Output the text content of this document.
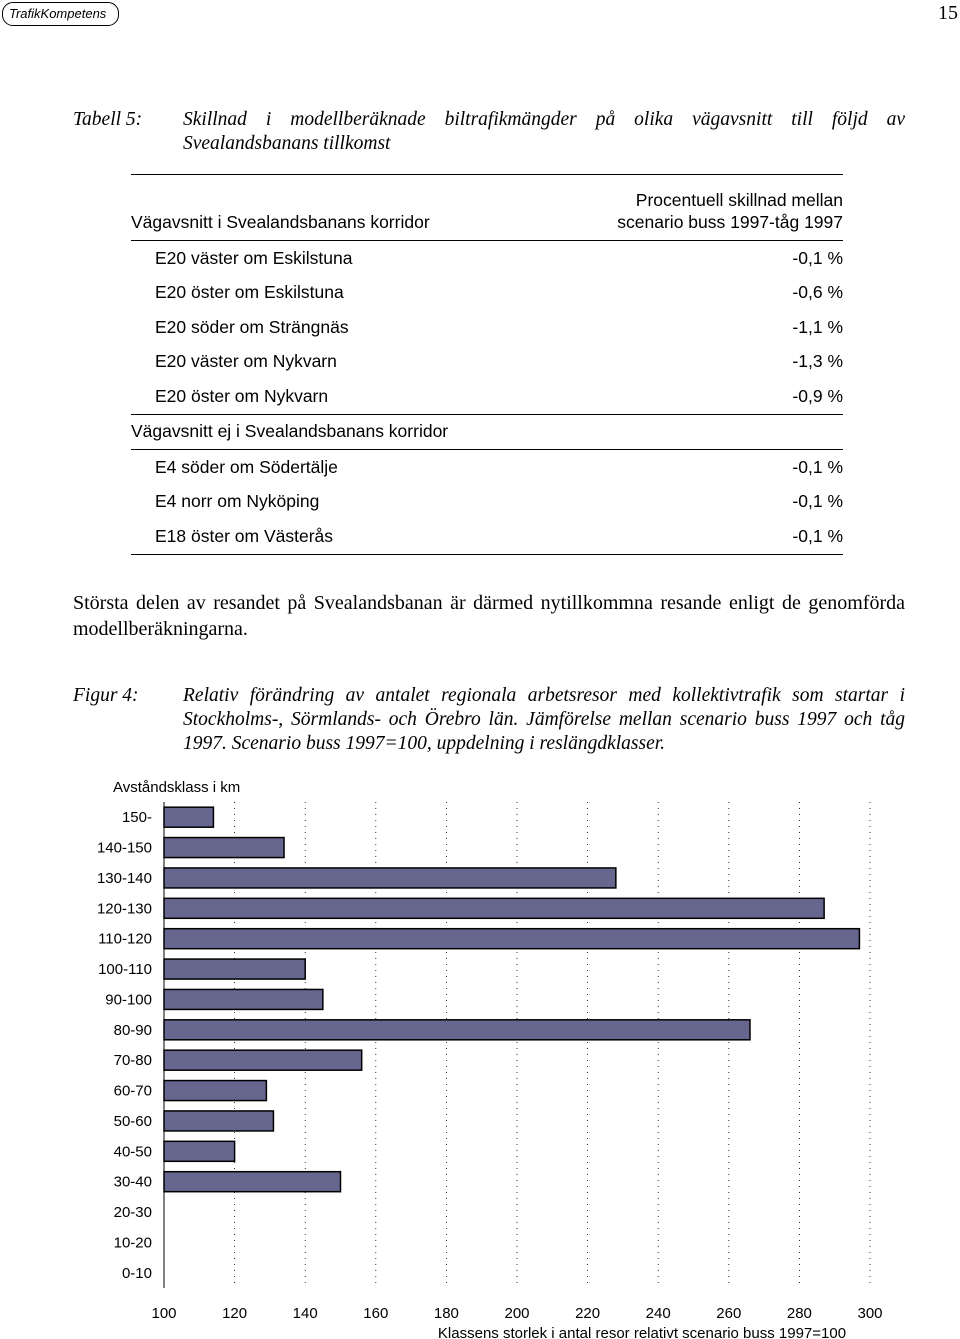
TrafikKompetens	15
Tabell 5: Skillnad i modellberäknade biltrafikmängder på olika vägavsnitt till följd av Svealandsbanans tillkomst
Vägavsnitt i Svealandsbanans korridor	Procentuell skillnad mellan
scenario buss 1997-tåg 1997

E20 väster om Eskilstuna	-0,1 %
E20 öster om Eskilstuna	-0,6 %
E20 söder om Strängnäs	-1,1 %
E20 väster om Nykvarn	-1,3 %
E20 öster om Nykvarn	-0,9 %
Vägavsnitt ej i Svealandsbanans korridor	
E4 söder om Södertälje	-0,1 %
E4 norr om Nyköping	-0,1 %
E18 öster om Västerås	-0,1 %
Största delen av resandet på Svealandsbanan är därmed nytillkommna resande enligt de genomförda modellberäkningarna.
Figur 4: Relativ förändring av antalet regionala arbetsresor med kollektivtrafik som startar i Stockholms-, Sörmlands- och Örebro län. Jämförelse mellan scenario buss 1997 och tåg 1997. Scenario buss 1997=100, uppdelning i reslängdklasser.
Avståndsklass i km
150-
140-150
130-140
120-130
110-120
100-110
90-100
80-90
70-80
60-70
50-60
40-50
30-40
20-30
10-20
0-10
100	120	140	160	180	200	220	240	260	280	300
Klassens storlek i antal resor relativt scenario buss 1997=100
